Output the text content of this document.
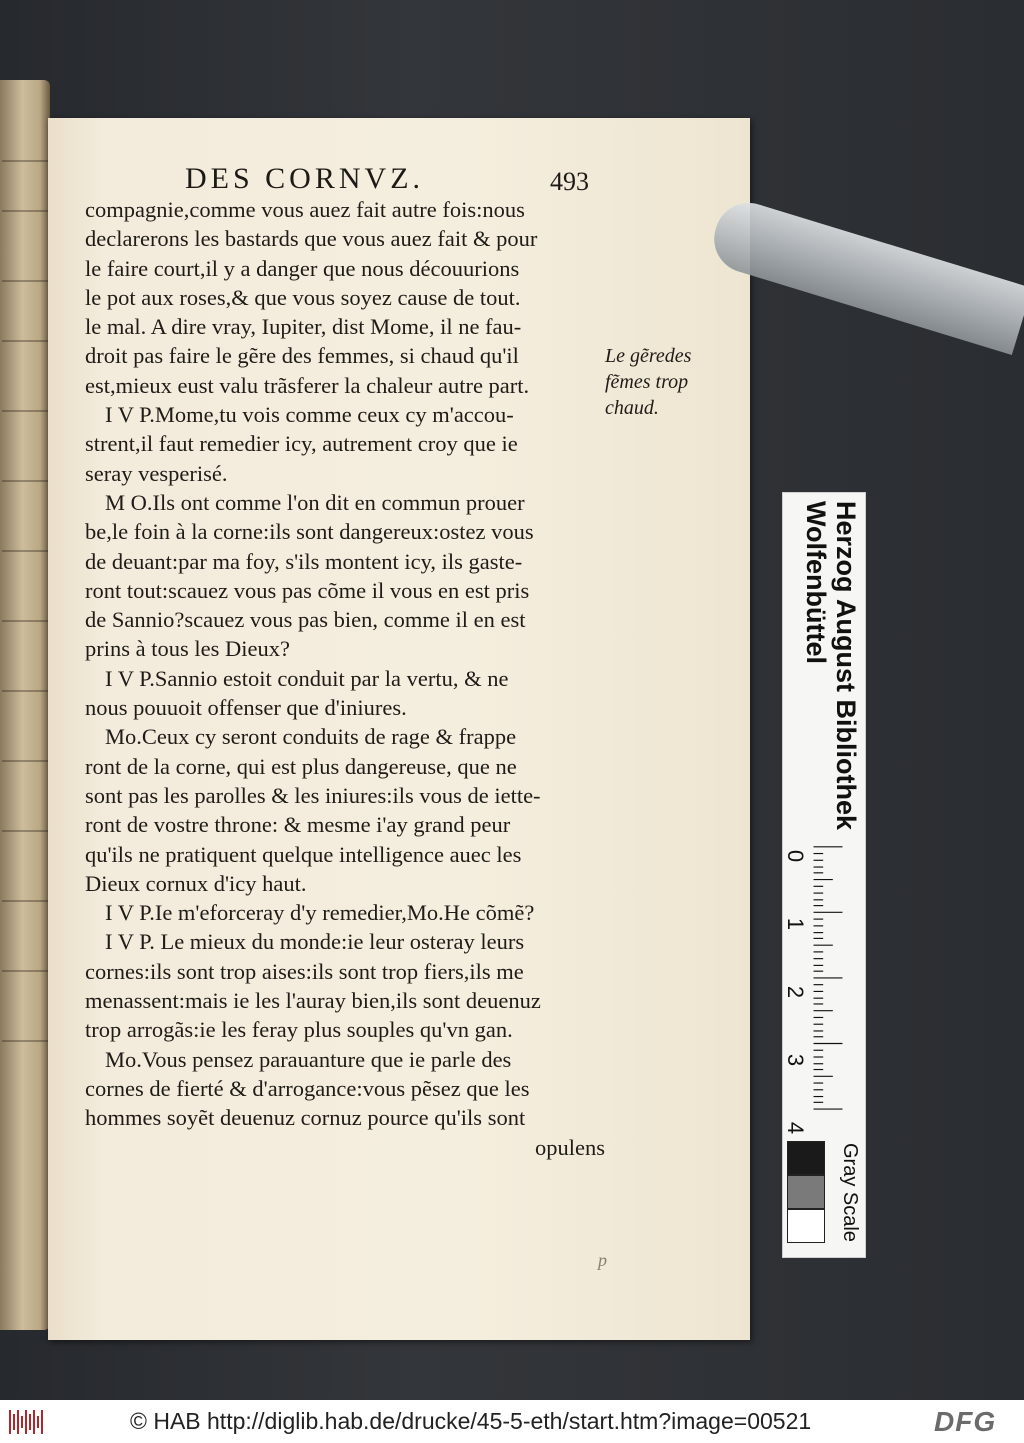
DES CORNVZ.	493
compagnie,comme vous auez fait autre fois:nous
declarerons les bastards que vous auez fait & pour
le faire court,il y a danger que nous découurions
le pot aux roses,& que vous soyez cause de tout.
le mal. A dire vray, Iupiter, dist Mome, il ne fau-
droit pas faire le gẽre des femmes, si chaud qu'il
est,mieux eust valu trãsferer la chaleur autre part.
I V P.Mome,tu vois comme ceux cy m'accou-
strent,il faut remedier icy, autrement croy que ie
seray vesperisé.
M O.Ils ont comme l'on dit en commun prouer
be,le foin à la corne:ils sont dangereux:ostez vous
de deuant:par ma foy, s'ils montent icy, ils gaste-
ront tout:scauez vous pas cõme il vous en est pris
de Sannio?scauez vous pas bien, comme il en est
prins à tous les Dieux?
I V P.Sannio estoit conduit par la vertu, & ne
nous pouuoit offenser que d'iniures.
Mo.Ceux cy seront conduits de rage & frappe
ront de la corne, qui est plus dangereuse, que ne
sont pas les parolles & les iniures:ils vous de iette-
ront de vostre throne: & mesme i'ay grand peur
qu'ils ne pratiquent quelque intelligence auec les
Dieux cornux d'icy haut.
I V P.Ie m'eforceray d'y remedier,Mo.He cõmẽ?
I V P. Le mieux du monde:ie leur osteray leurs
cornes:ils sont trop aises:ils sont trop fiers,ils me
menassent:mais ie les l'auray bien,ils sont deuenuz
trop arrogãs:ie les feray plus souples qu'vn gan.
Mo.Vous pensez parauanture que ie parle des
cornes de fierté & d'arrogance:vous pẽsez que les
hommes soyẽt deuenuz cornuz pource qu'ils sont
opulens
Le gẽredes
fẽmes trop
chaud.
p
Herzog August Bibliothek
Wolfenbüttel
0
1
2
3
4
Gray Scale
© HAB http://diglib.hab.de/drucke/45-5-eth/start.htm?image=00521	DFG
